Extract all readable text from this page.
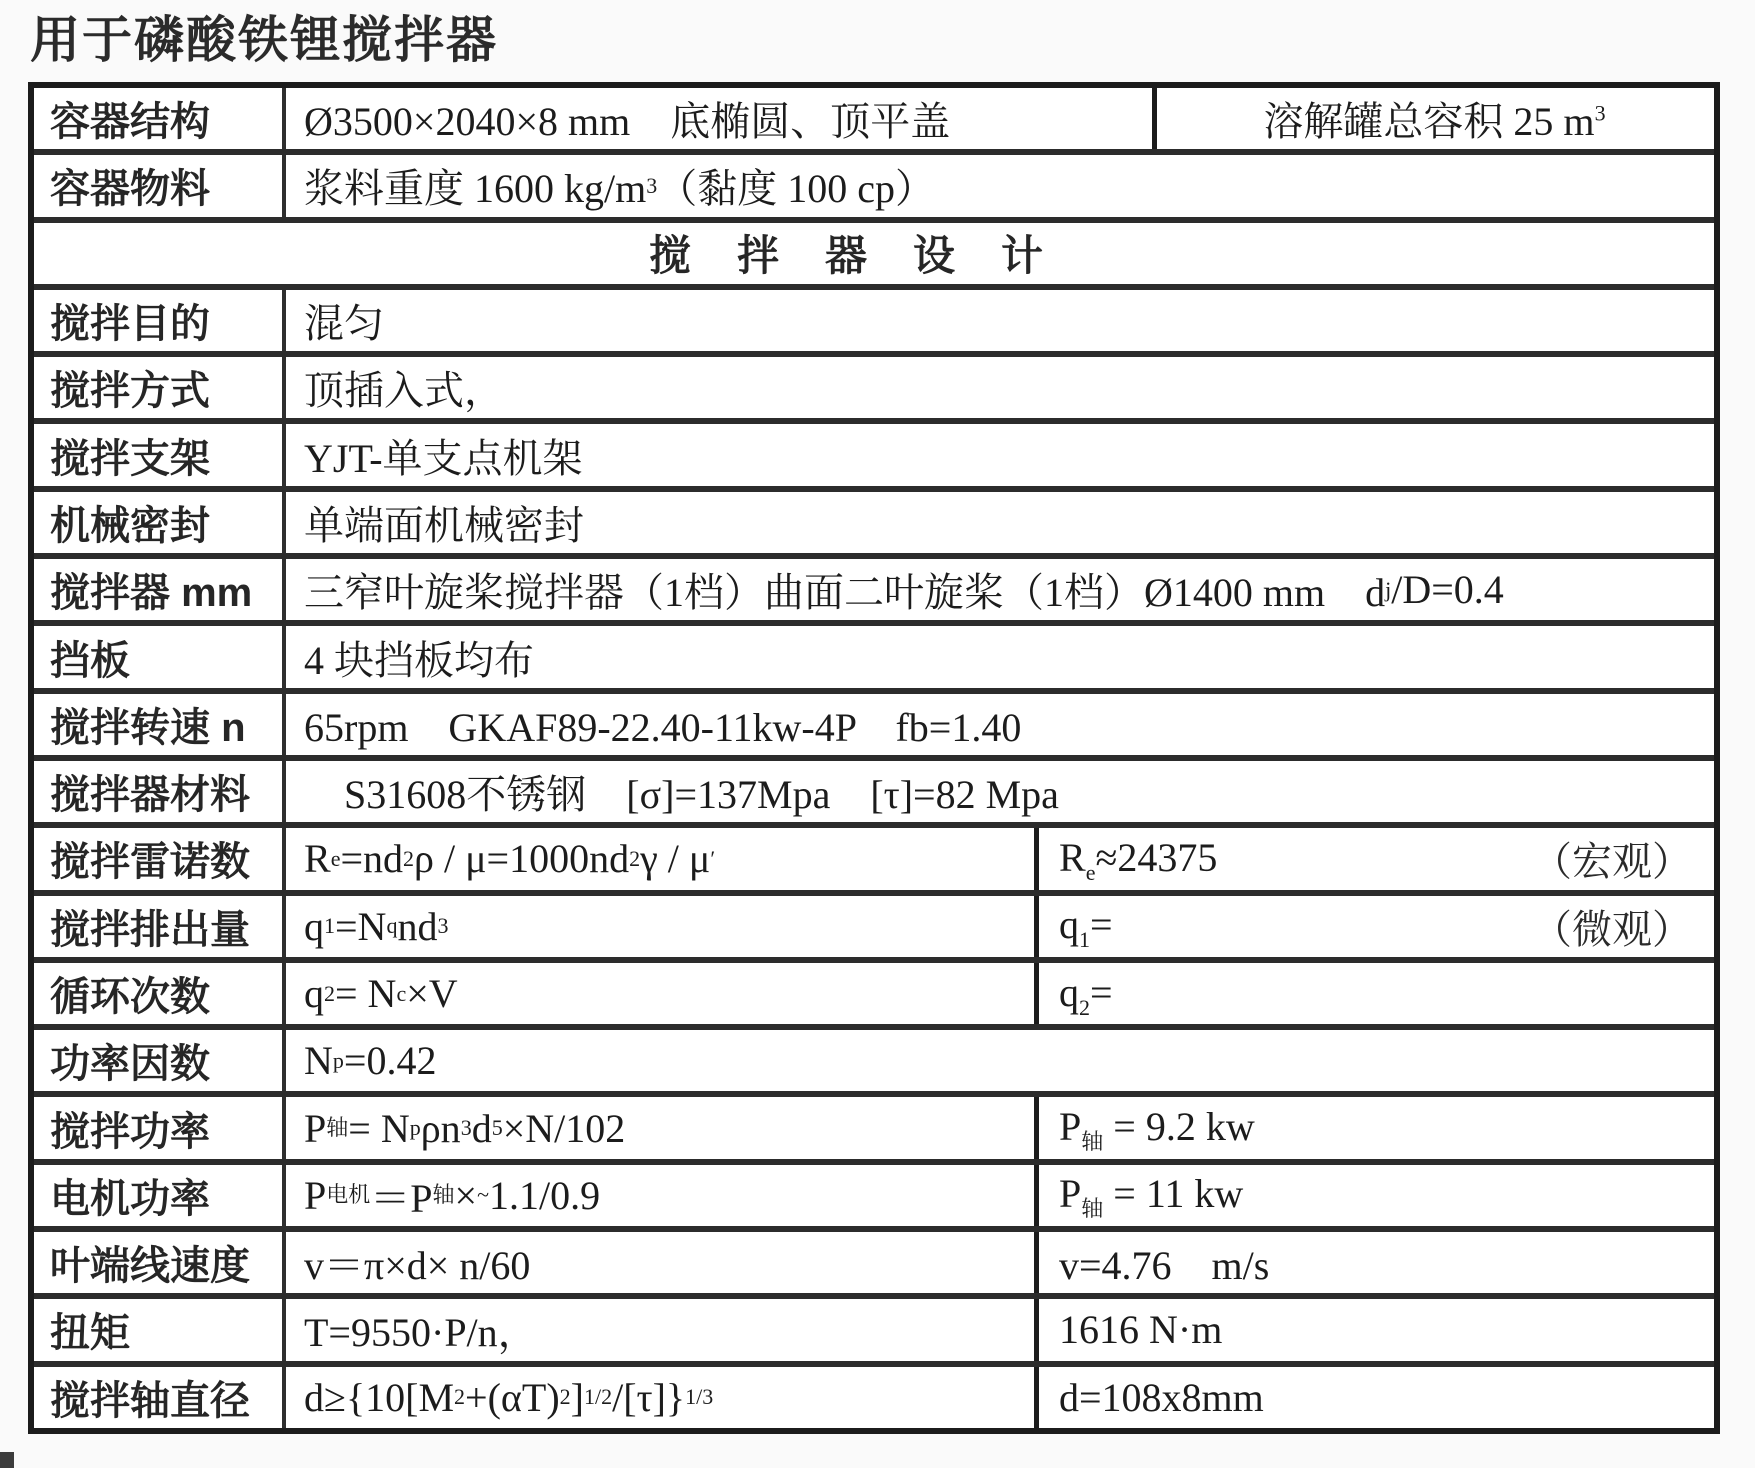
用于磷酸铁锂搅拌器
容器结构	Ø3500×2040×8 mm　底椭圆、顶平盖	溶解罐总容积 25 $m^3$
容器物料	浆料重度 1600 kg/m 3 （黏度 100 cp）
搅拌器设计
搅拌目的	混匀
搅拌方式	顶插入式，
搅拌支架	YJT-单支点机架
机械密封	单端面机械密封
搅拌器 mm	三窄叶旋桨搅拌器（1档）曲面二叶旋桨（1档）Ø1400 mm　d j /D=0.4
挡板	4 块挡板均布
搅拌转速 n	65rpm　GKAF89-22.40-11kw-4P　fb=1.40
搅拌器材料	　S31608不锈钢　[σ]=137Mpa　[τ]=82 Mpa
搅拌雷诺数	R e =nd 2 ρ / μ=1000nd 2 γ / μ ′	$R_e\approx 24375$	（宏观）
搅拌排出量	q 1 =N q nd 3	$q_1=$	（微观）
循环次数	q 2 = N c ×V	$q_2=$
功率因数	N p =0.42
搅拌功率	P 轴 = N p ρn 3 d 5 ×N/102	$P_轴 = 9.2$ kw
电机功率	P 电机 ＝P 轴 × ~ 1.1/0.9	$P_轴 = 11$ kw
叶端线速度	v＝π×d× n/60	v=4.76　m/s
扭矩	T=9550·P/n，	1616 N·m
搅拌轴直径	d≥{10[M 2 +(αT) 2 ] 1/2 /[τ]} 1/3	d=108x8mm
